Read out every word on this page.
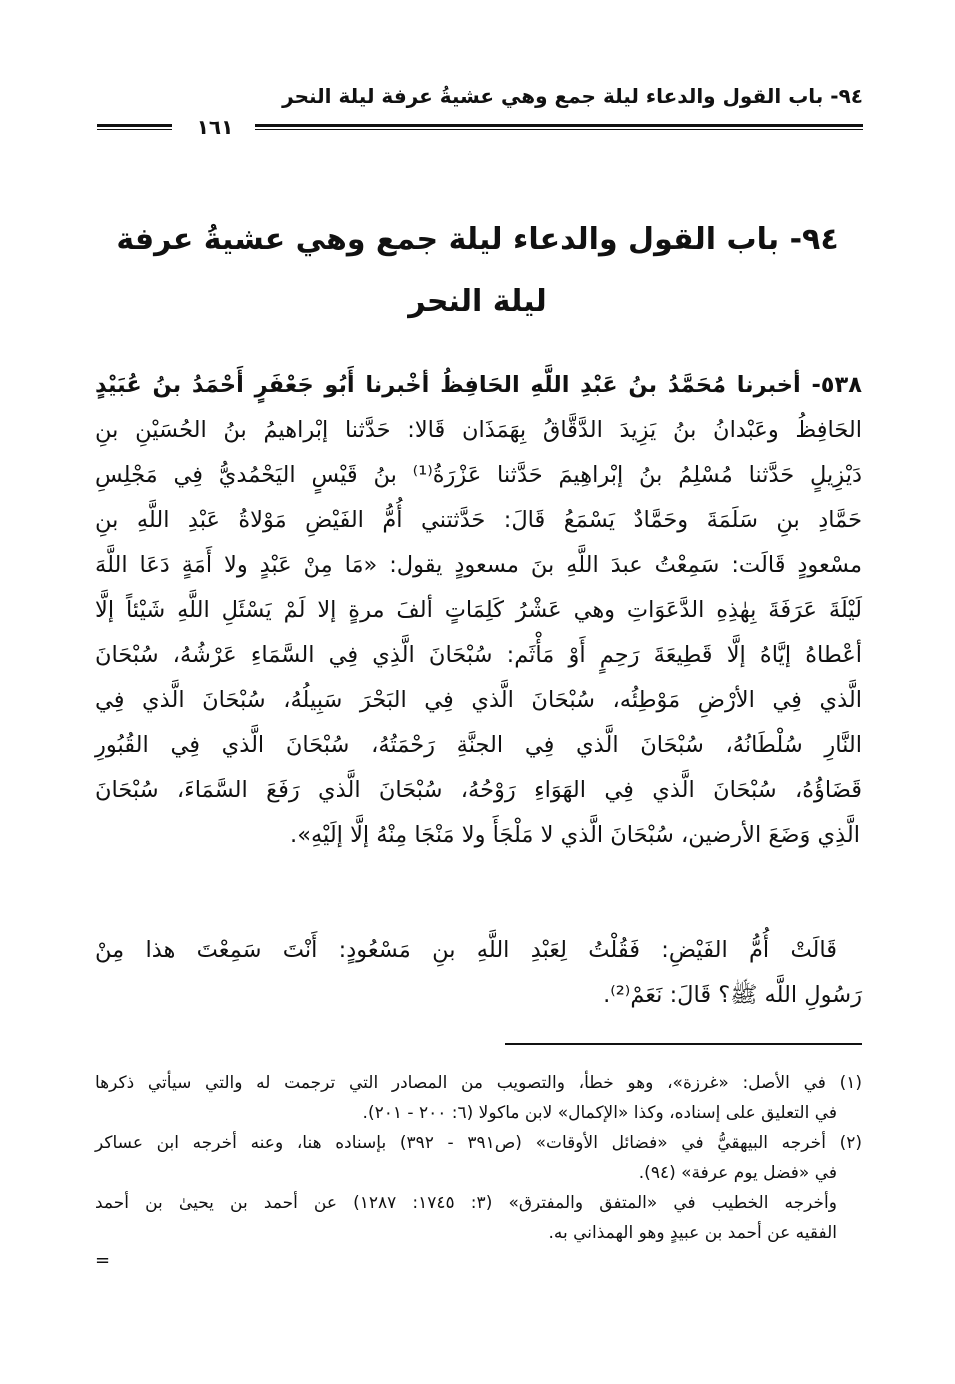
٩٤- باب القول والدعاء ليلة جمع وهي عشيةُ عرفة ليلة النحر
١٦١
٩٤- باب القول والدعاء ليلة جمع وهي عشيةُ عرفة
ليلة النحر
٥٣٨- أخبرنا مُحَمَّدُ بنُ عَبْدِ اللَّهِ الحَافِظُ أخْبرنا أَبُو جَعْفَرٍ أَحْمَدُ بنُ عُبَيْدٍ
الحَافِظُ وعَبْدانُ بنُ يَزِيدَ الدَّقَّاقُ بِهَمَذَان قَالا: حَدَّثنا إبْراهيمُ بنُ الحُسَيْنِ بنِ
دَيْزِيلٍ حَدَّثنا مُسْلِمُ بنُ إبْراهِيمَ حَدَّثنا عَزْرَةُ⁽¹⁾ بنُ قَيْسٍ اليَحْمُديُّ فِي مَجْلِسِ
حَمَّادِ بنِ سَلَمَةَ وحَمَّادٌ يَسْمَعُ قَالَ: حَدَّثتني أُمُّ الفَيْضِ مَوْلاةُ عَبْدِ اللَّهِ بنِ
مسْعودٍ قَالَت: سَمِعْتُ عبدَ اللَّهِ بنَ مسعودٍ يقول: «مَا مِنْ عَبْدٍ ولا أَمَةٍ دَعَا اللَّهَ
لَيْلَةَ عَرَفَةَ بِهٰذِهِ الدَّعَوَاتِ وهي عَشْرُ كَلِمَاتٍ ألفَ مرةٍ إلا لَمْ يَسْئَلِ اللَّهِ شَيْئاً إلَّا
أعْطاهُ إيَّاهُ إلَّا قَطِيعَةَ رَحِمٍ أَوْ مَأْثَم: سُبْحَانَ الَّذِي فِي السَّمَاءِ عَرْشُهُ، سُبْحَانَ
الَّذي فِي الأرْضِ مَوْطِئُه، سُبْحَانَ الَّذي فِي البَحْرَ سَبِيلُهُ، سُبْحَانَ الَّذي فِي
النَّارِ سُلْطَانُهُ، سُبْحَانَ الَّذي فِي الجنَّةِ رَحْمَتُهُ، سُبْحَانَ الَّذي فِي القُبُورِ
قَضَاؤُهُ، سُبْحَانَ الَّذي فِي الهَوَاءِ رَوْحُهُ، سُبْحَانَ الَّذي رَفَعَ السَّمَاءَ، سُبْحَانَ
الَّذِي وَضَعَ الأرضين، سُبْحَانَ الَّذي لا مَلْجَأَ ولا مَنْجَا مِنْهُ إلَّا إلَيْهِ».
قَالَتْ أُمُّ الفَيْضِ: فَقُلْتُ لِعَبْدِ اللَّهِ بنِ مَسْعُودٍ: أَنْتَ سَمِعْتَ هذا مِنْ
رَسُولِ اللَّه ﷺ؟ قَالَ: نَعَمْ⁽²⁾.
(١) في الأصل: «غرزة»، وهو خطأ، والتصويب من المصادر التي ترجمت له والتي سيأتي ذكرها
في التعليق على إسناده، وكذا «الإكمال» لابن ماكولا (٦: ٢٠٠ - ٢٠١).
(٢) أخرجه البيهقيُّ في «فضائل الأوقات» (ص٣٩١ - ٣٩٢) بإسناده هنا، وعنه أخرجه ابن عساكر
في «فضل يوم عرفة» (٩٤).
وأخرجه الخطيب في «المتفق والمفترق» (٣: ١٧٤٥: ١٢٨٧) عن أحمد بن يحيىٰ بن أحمد
الفقيه عن أحمد بن عبيدٍ وهو الهمذاني به.
=
